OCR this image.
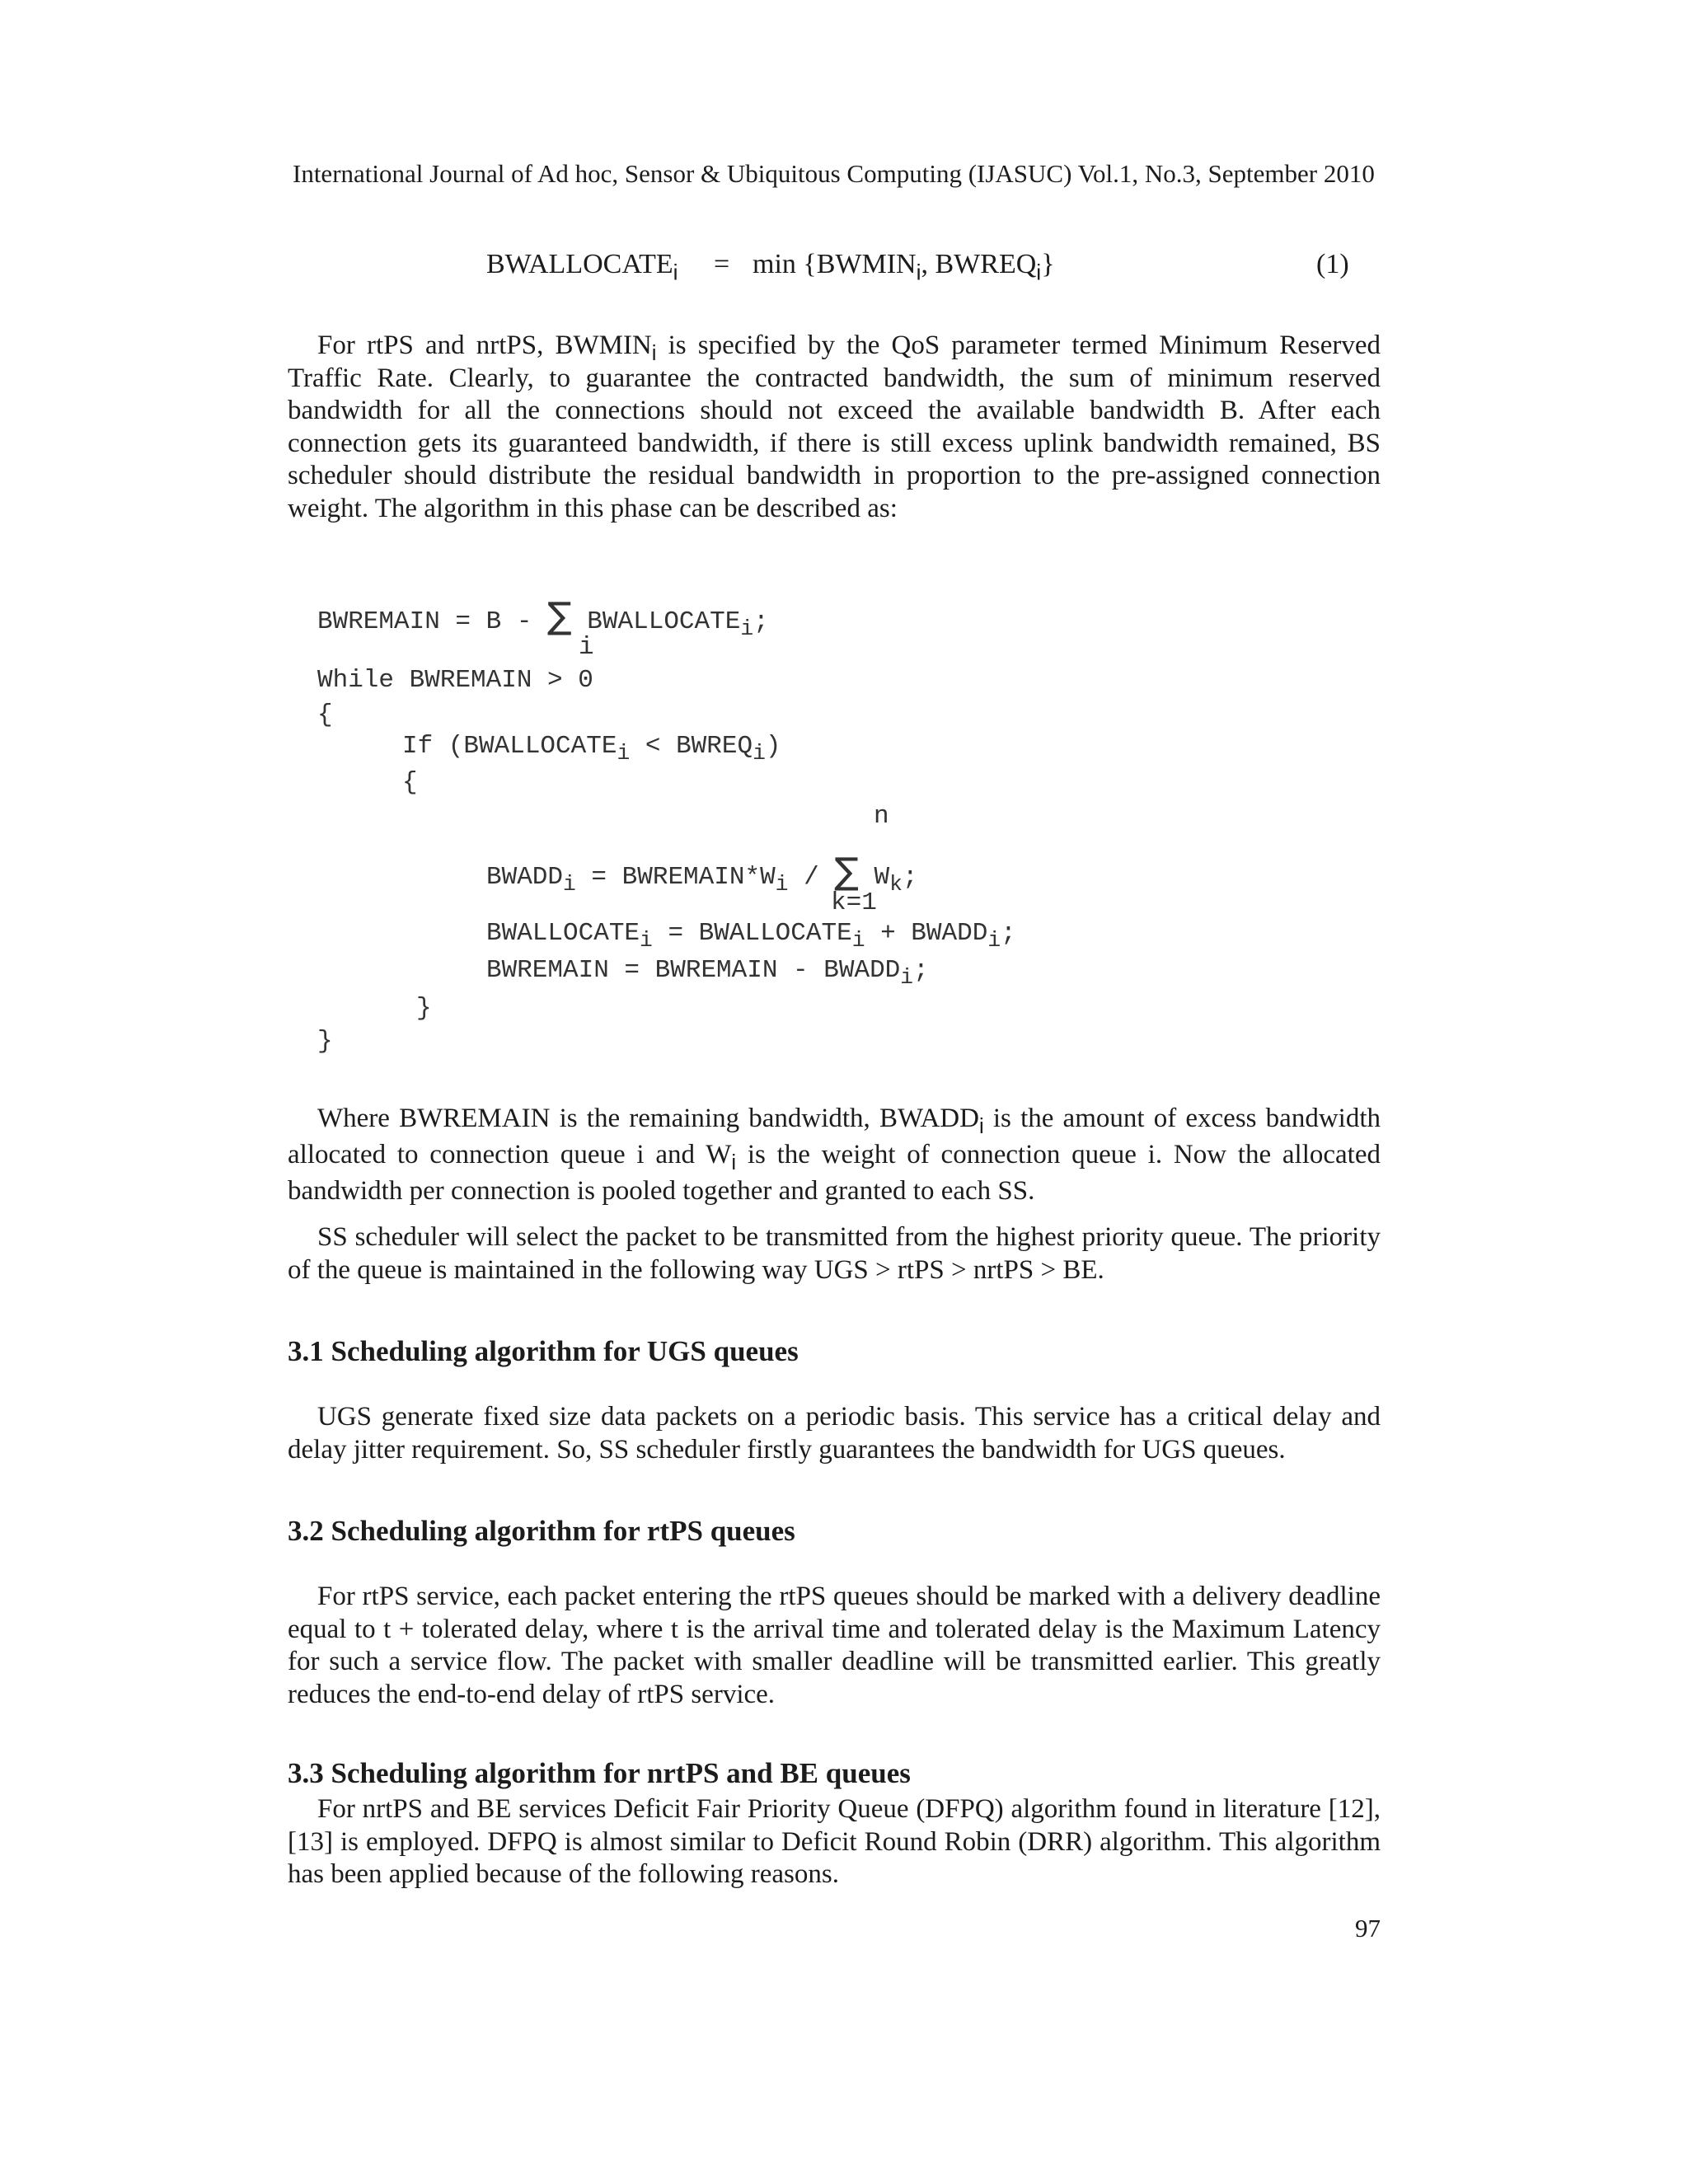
International Journal of Ad hoc, Sensor & Ubiquitous Computing (IJASUC) Vol.1, No.3, September 2010
$BWALLOCATE_i = \min$ {$BWMIN_i$, $BWREQ_i$}	(1)

For rtPS and nrtPS, $BWMIN_i$ is specified by the QoS parameter termed Minimum Reserved Traffic Rate. Clearly, to guarantee the contracted bandwidth, the sum of minimum reserved bandwidth for all the connections should not exceed the available bandwidth B. After each connection gets its guaranteed bandwidth, if there is still excess uplink bandwidth remained, BS scheduler should distribute the residual bandwidth in proportion to the pre-assigned connection weight. The algorithm in this phase can be described as:

BWREMAIN = B - ∑ $BWALLOCATE_i$;
i
While BWREMAIN > 0
{
If ($BWALLOCATE_i$ < $BWREQ_i$)
{
n
$BWADD_i$ = $BWREMAIN*W_i$ / ∑ $W_k$;
k=1
$BWALLOCATE_i$ = $BWALLOCATE_i$ + $BWADD_i$;
BWREMAIN = BWREMAIN - $BWADD_i$;
}
}

Where BWREMAIN is the remaining bandwidth, $BWADD_i$ is the amount of excess bandwidth allocated to connection queue i and $W_i$ is the weight of connection queue i. Now the allocated bandwidth per connection is pooled together and granted to each SS.

SS scheduler will select the packet to be transmitted from the highest priority queue. The priority of the queue is maintained in the following way UGS > rtPS > nrtPS > BE.

3.1 Scheduling algorithm for UGS queues

UGS generate fixed size data packets on a periodic basis. This service has a critical delay and delay jitter requirement. So, SS scheduler firstly guarantees the bandwidth for UGS queues.

3.2 Scheduling algorithm for rtPS queues

For rtPS service, each packet entering the rtPS queues should be marked with a delivery deadline equal to t + tolerated delay, where t is the arrival time and tolerated delay is the Maximum Latency for such a service flow. The packet with smaller deadline will be transmitted earlier. This greatly reduces the end-to-end delay of rtPS service.

3.3 Scheduling algorithm for nrtPS and BE queues

For nrtPS and BE services Deficit Fair Priority Queue (DFPQ) algorithm found in literature [12], [13] is employed. DFPQ is almost similar to Deficit Round Robin (DRR) algorithm. This algorithm has been applied because of the following reasons.

97
